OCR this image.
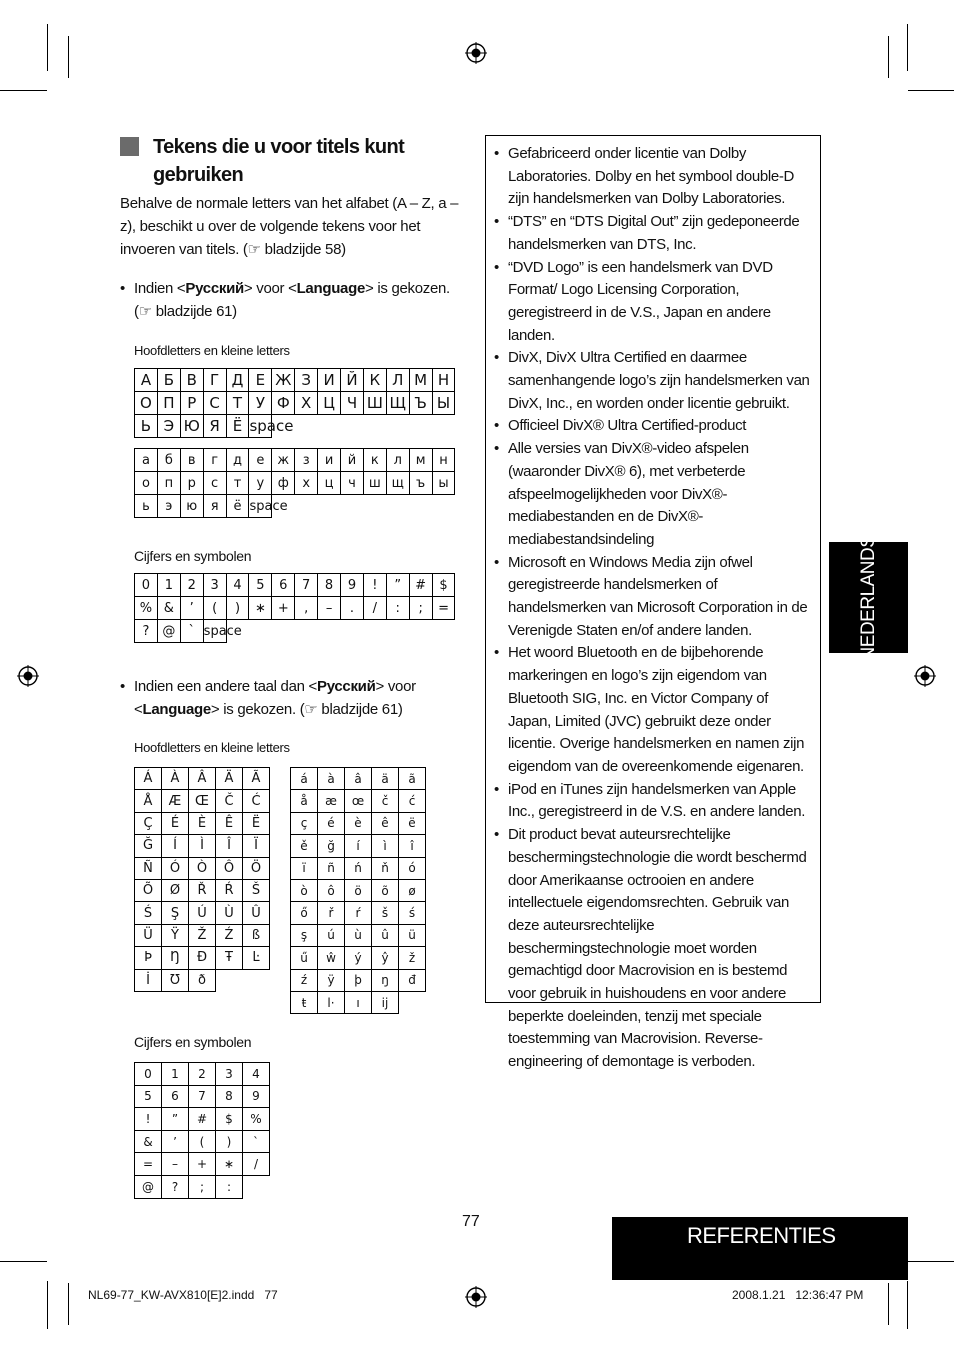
Tekens die u voor titels kunt gebruiken
Behalve de normale letters van het alfabet (A – Z, a – z), beschikt u over de volgende tekens voor het invoeren van titels. (☞ bladzijde 58)
• Indien <Русский> voor <Language> is gekozen. (☞ bladzijde 61)
Hoofdletters en kleine letters
А	Б	В	Г	Д	Е	Ж	З	И	Й	К	Л	М	Н
О	П	Р	С	Т	У	Ф	Х	Ц	Ч	Ш	Щ	Ъ	Ы
Ь	Э	Ю	Я	Ё	space								
а	б	в	г	д	е	ж	з	и	й	к	л	м	н
о	п	р	с	т	у	ф	х	ц	ч	ш	щ	ъ	ы
ь	э	ю	я	ё	space								
Cijfers en symbolen
0	1	2	3	4	5	6	7	8	9	!	”	#	$
%	&	’	(	)	∗	+	,	–	.	/	:	;	=
?	@	`	space										
• Indien een andere taal dan <Русский> voor <Language> is gekozen. (☞ bladzijde 61)
Hoofdletters en kleine letters
Á	À	Â	Ä	Ã
Å	Æ	Œ	Č	Ć
Ç	É	È	Ê	Ë
Ğ	Í	Ì	Î	Ï
Ñ	Ó	Ò	Ô	Ö
Õ	Ø	Ř	Ŕ	Š
Ś	Ş	Ú	Ù	Û
Ü	Ÿ	Ž	Ź	ß
Þ	Ŋ	Đ	Ŧ	Ŀ
İ	Ʊ	ð		
á	à	â	ä	ã
å	æ	œ	č	ć
ç	é	è	ê	ë
ě	ğ	í	ì	î
ï	ñ	ń	ň	ó
ò	ô	ö	õ	ø
ő	ř	ŕ	š	ś
ş	ú	ù	û	ü
ű	ŵ	ý	ŷ	ž
ź	ÿ	þ	ŋ	đ
ŧ	l·	ı	ij	
Cijfers en symbolen
0	1	2	3	4
5	6	7	8	9
!	”	#	$	%
&	’	(	)	`
=	–	+	∗	/
@	?	;	:	
• Gefabriceerd onder licentie van Dolby Laboratories. Dolby en het symbool double-D zijn handelsmerken van Dolby Laboratories.
• “DTS” en “DTS Digital Out” zijn gedeponeerde handelsmerken van DTS, Inc.
• “DVD Logo” is een handelsmerk van DVD Format/ Logo Licensing Corporation, geregistreerd in de V.S., Japan en andere landen.
• DivX, DivX Ultra Certified en daarmee samenhangende logo’s zijn handelsmerken van DivX, Inc., en worden onder licentie gebruikt.
• Officieel DivX® Ultra Certified-product
• Alle versies van DivX®-video afspelen (waaronder DivX® 6), met verbeterde afspeelmogelijkheden voor DivX®-mediabestanden en de DivX®-mediabestandsindeling
• Microsoft en Windows Media zijn ofwel geregistreerde handelsmerken of handelsmerken van Microsoft Corporation in de Verenigde Staten en/of andere landen.
• Het woord Bluetooth en de bijbehorende markeringen en logo’s zijn eigendom van Bluetooth SIG, Inc. en Victor Company of Japan, Limited (JVC) gebruikt deze onder licentie. Overige handelsmerken en namen zijn eigendom van de overeenkomende eigenaren.
• iPod en iTunes zijn handelsmerken van Apple Inc., geregistreerd in de V.S. en andere landen.
• Dit product bevat auteursrechtelijke beschermingstechnologie die wordt beschermd door Amerikaanse octrooien en andere intellectuele eigendomsrechten. Gebruik van deze auteursrechtelijke beschermingstechnologie moet worden gemachtigd door Macrovision en is bestemd voor gebruik in huishoudens en voor andere beperkte doeleinden, tenzij met speciale toestemming van Macrovision. Reverse-engineering of demontage is verboden.
NEDERLANDS
REFERENTIES
77
NL69-77_KW-AVX810[E]2.indd   77	2008.1.21   12:36:47 PM
